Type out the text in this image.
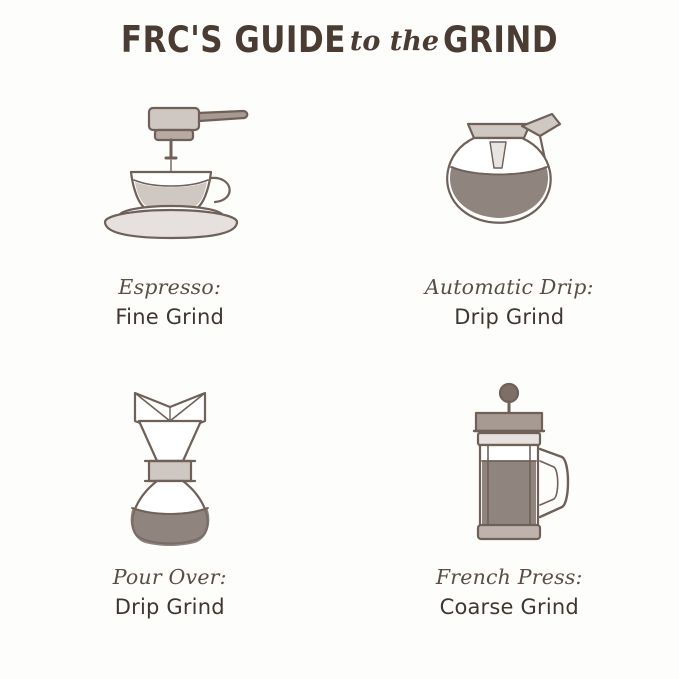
FRC'S GUIDE to the GRIND
Espresso:
Fine Grind
Automatic Drip:
Drip Grind
Pour Over:
Drip Grind
French Press:
Coarse Grind
